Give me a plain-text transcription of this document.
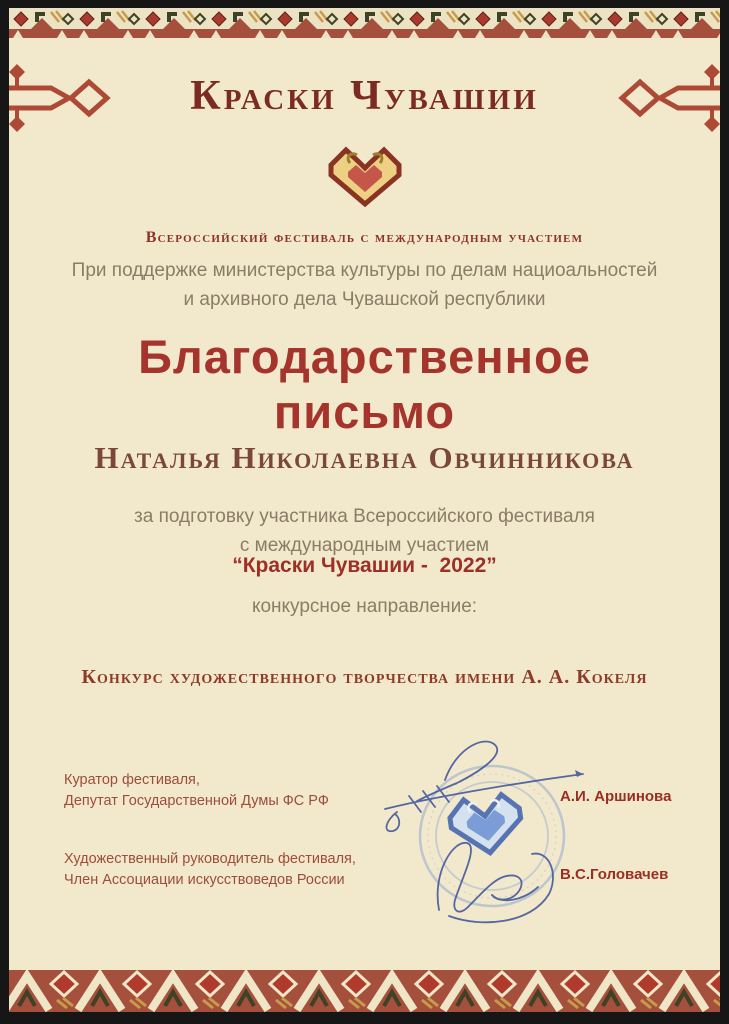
Краски Чувашии
Всероссийский фестиваль с международным участием
При поддержке министерства культуры по делам нациоальностей
и архивного дела Чувашской республики
Благодарственное
письмо
Наталья Николаевна Овчинникова
за подготовку участника Всероссийского фестиваля
с международным участием
“Краски Чувашии -  2022”
конкурсное направление:
Конкурс художественного творчества имени А. А. Кокеля
Куратор фестиваля,
Депутат Государственной Думы ФС РФ
Художественный руководитель фестиваля,
Член Ассоциации искусствоведов России
А.И. Аршинова
В.С.Головачев
